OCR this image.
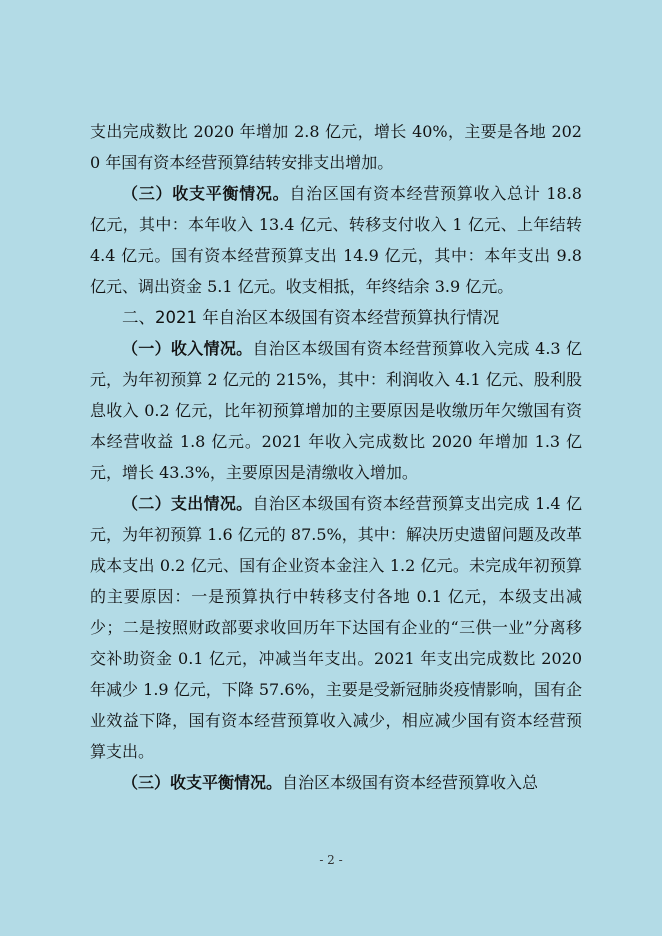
支出完成数比 2020 年增加 2.8 亿元，增长 40%，主要是各地 2020 年国有资本经营预算结转安排支出增加。

（三）收支平衡情况。自治区国有资本经营预算收入总计 18.8 亿元，其中：本年收入 13.4 亿元、转移支付收入 1 亿元、上年结转 4.4 亿元。国有资本经营预算支出 14.9 亿元，其中：本年支出 9.8 亿元、调出资金 5.1 亿元。收支相抵，年终结余 3.9 亿元。

二、2021 年自治区本级国有资本经营预算执行情况

（一）收入情况。自治区本级国有资本经营预算收入完成 4.3 亿元，为年初预算 2 亿元的 215%，其中：利润收入 4.1 亿元、股利股息收入 0.2 亿元，比年初预算增加的主要原因是收缴历年欠缴国有资本经营收益 1.8 亿元。2021 年收入完成数比 2020 年增加 1.3 亿元，增长 43.3%，主要原因是清缴收入增加。

（二）支出情况。自治区本级国有资本经营预算支出完成 1.4 亿元，为年初预算 1.6 亿元的 87.5%，其中：解决历史遗留问题及改革成本支出 0.2 亿元、国有企业资本金注入 1.2 亿元。未完成年初预算的主要原因：一是预算执行中转移支付各地 0.1 亿元，本级支出减少；二是按照财政部要求收回历年下达国有企业的“三供一业”分离移交补助资金 0.1 亿元，冲减当年支出。2021 年支出完成数比 2020 年减少 1.9 亿元，下降 57.6%，主要是受新冠肺炎疫情影响，国有企业效益下降，国有资本经营预算收入减少，相应减少国有资本经营预算支出。

（三）收支平衡情况。自治区本级国有资本经营预算收入总

- 2 -
